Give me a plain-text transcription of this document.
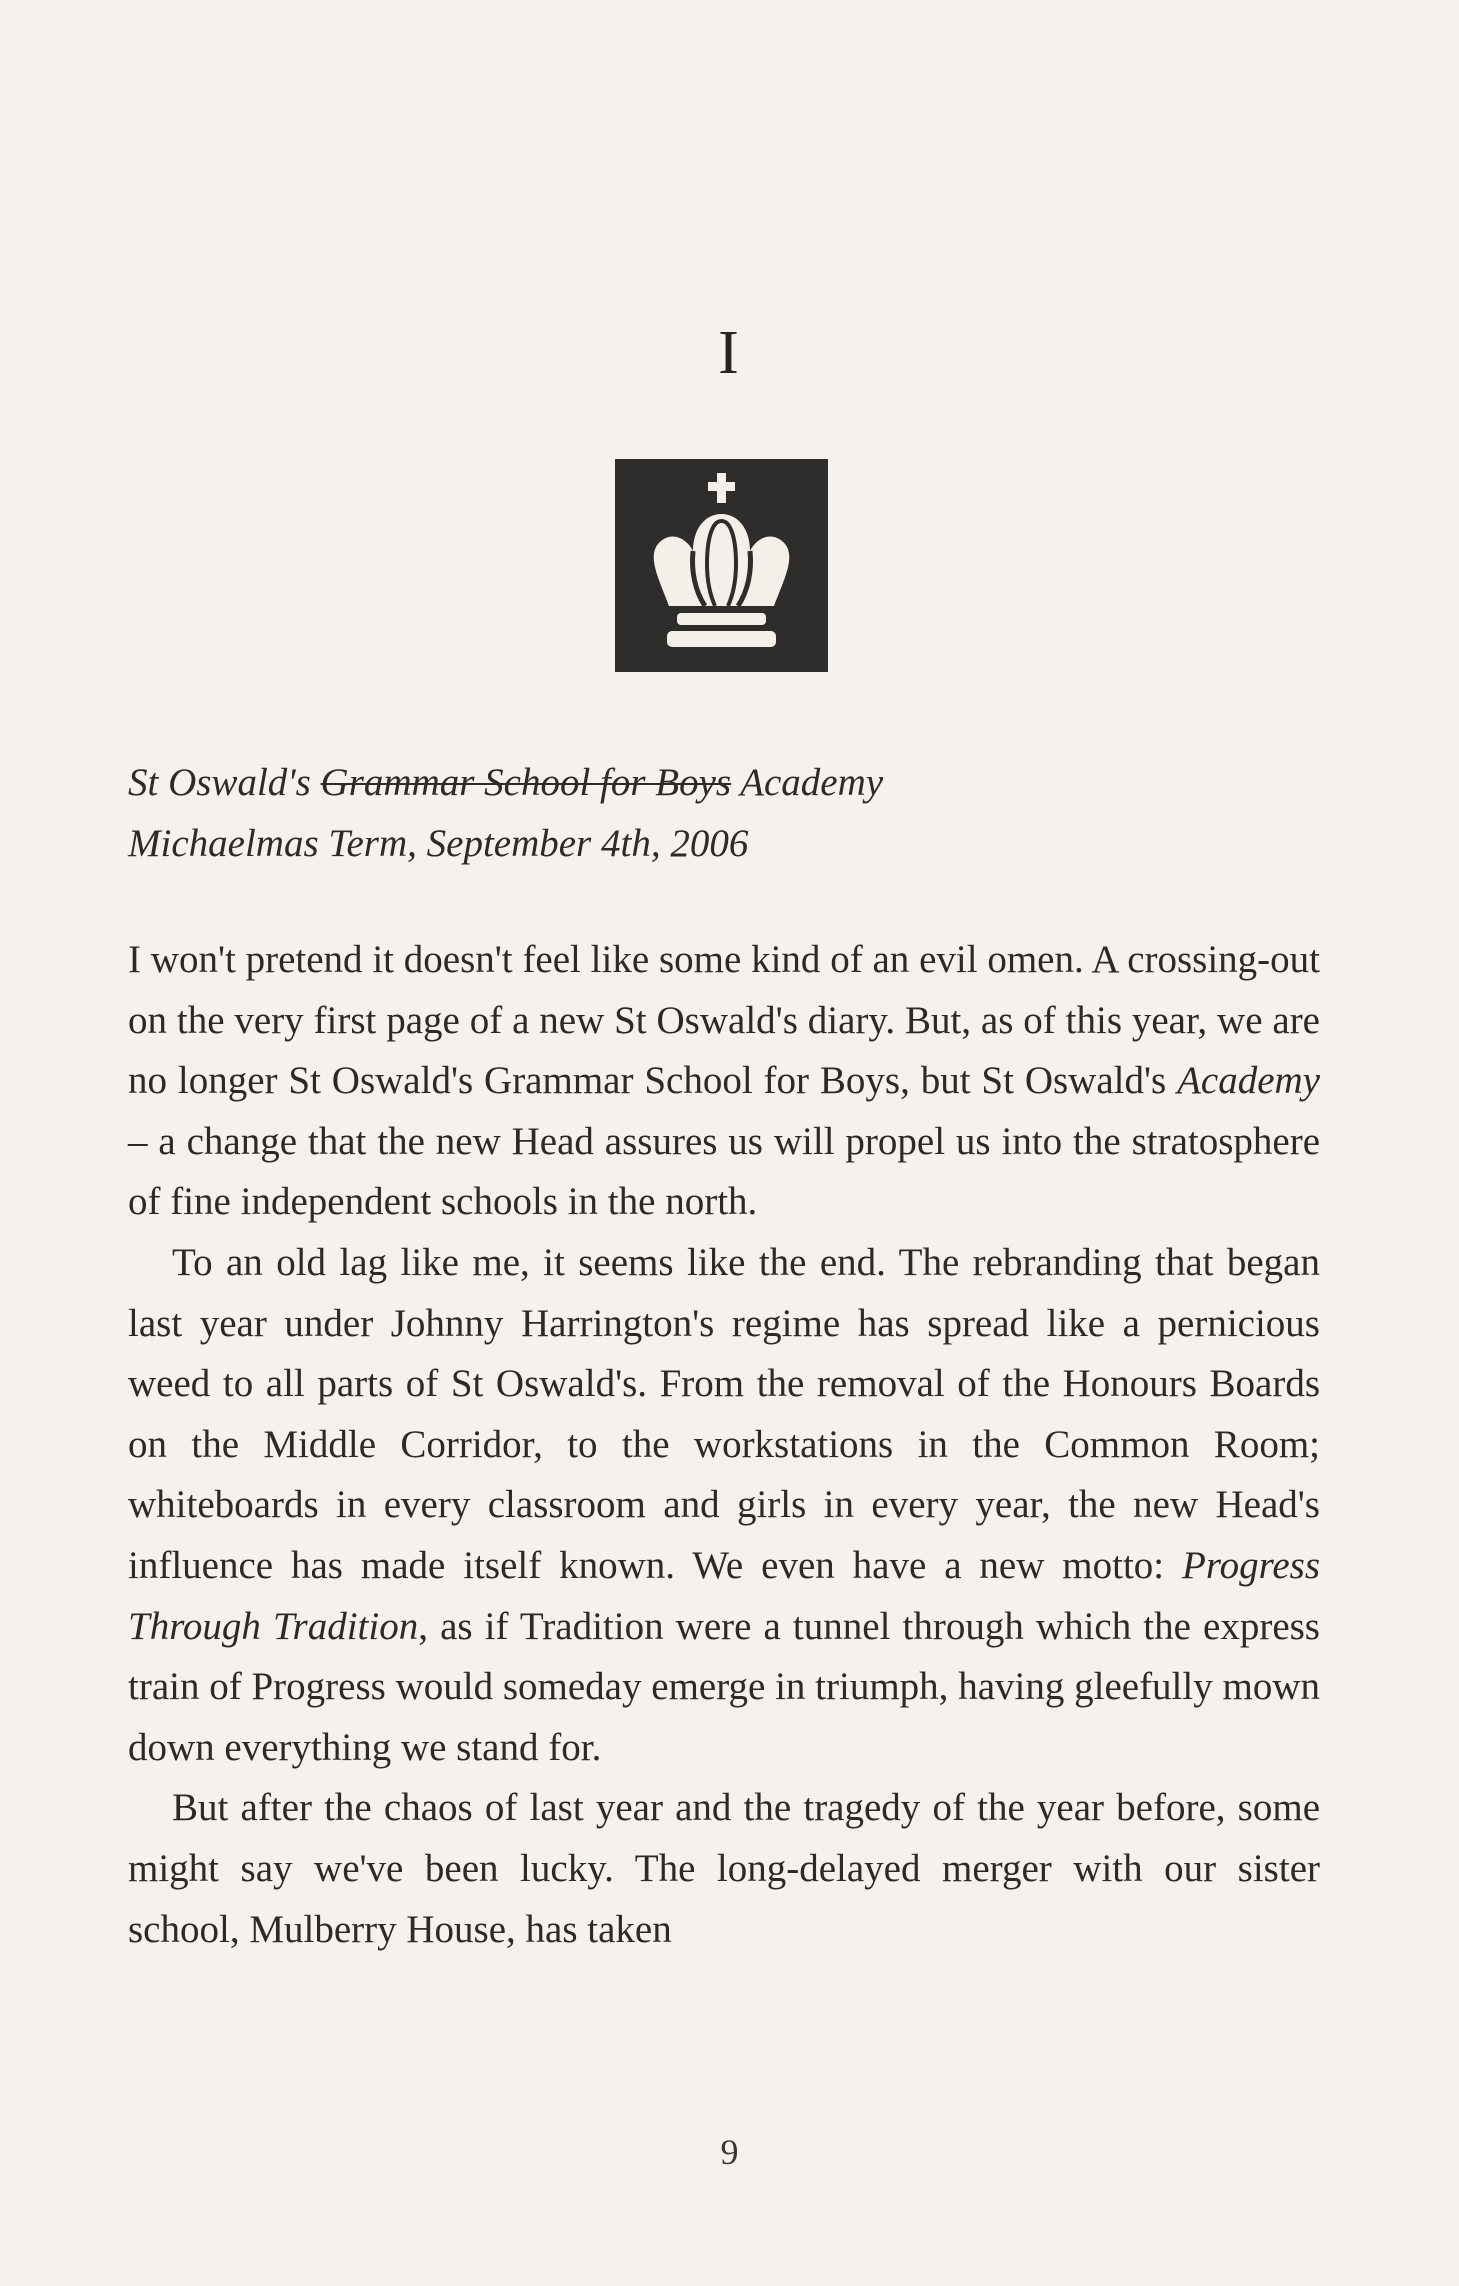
I
St Oswald's Grammar School for Boys Academy
Michaelmas Term, September 4th, 2006

I won't pretend it doesn't feel like some kind of an evil omen. A crossing-out on the very first page of a new St Oswald's diary. But, as of this year, we are no longer St Oswald's Grammar School for Boys, but St Oswald's Academy – a change that the new Head assures us will propel us into the stratosphere of fine independent schools in the north.

To an old lag like me, it seems like the end. The rebranding that began last year under Johnny Harrington's regime has spread like a pernicious weed to all parts of St Oswald's. From the removal of the Honours Boards on the Middle Corridor, to the workstations in the Common Room; whiteboards in every classroom and girls in every year, the new Head's influence has made itself known. We even have a new motto: Progress Through Tradition, as if Tradition were a tunnel through which the express train of Progress would someday emerge in triumph, having gleefully mown down everything we stand for.

But after the chaos of last year and the tragedy of the year before, some might say we've been lucky. The long-delayed merger with our sister school, Mulberry House, has taken

9
